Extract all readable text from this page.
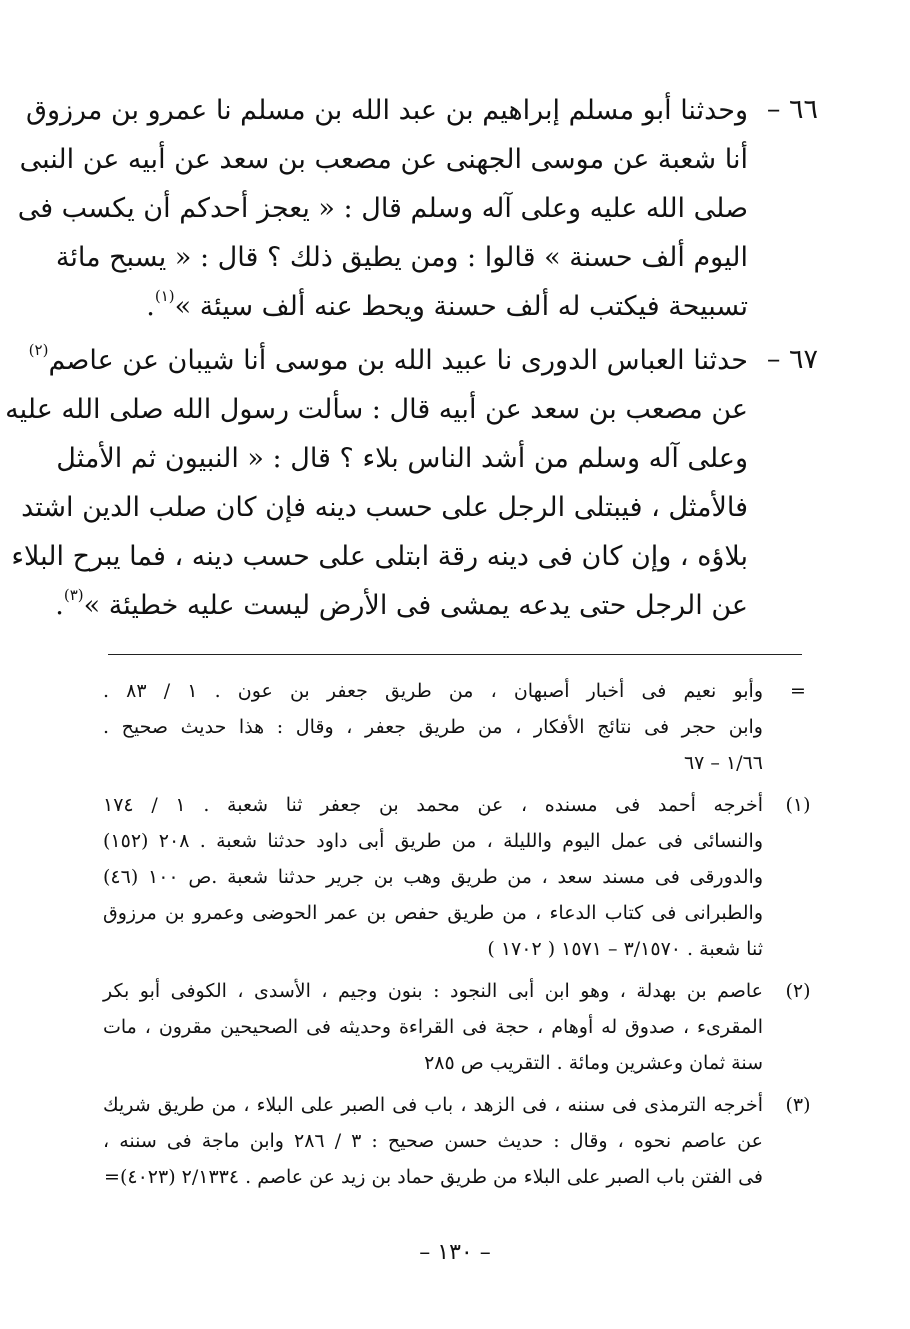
٦٦ –
وحدثنا أبو مسلم إبراهيم بن عبد الله بن مسلم نا عمرو بن مرزوق
أنا شعبة عن موسى الجهنى عن مصعب بن سعد عن أبيه عن النبى
صلى الله عليه وعلى آله وسلم قال : « يعجز أحدكم أن يكسب فى
اليوم ألف حسنة » قالوا : ومن يطيق ذلك ؟ قال : « يسبح مائة
تسبيحة فيكتب له ألف حسنة ويحط عنه ألف سيئة »$^{(١)}$.
٦٧ –
حدثنا العباس الدورى نا عبيد الله بن موسى أنا شيبان عن عاصم$^{(٢)}$
عن مصعب بن سعد عن أبيه قال : سألت رسول الله صلى الله عليه
وعلى آله وسلم من أشد الناس بلاء ؟ قال : « النبيون ثم الأمثل
فالأمثل ، فيبتلى الرجل على حسب دينه فإن كان صلب الدين اشتد
بلاؤه ، وإن كان فى دينه رقة ابتلى على حسب دينه ، فما يبرح البلاء
عن الرجل حتى يدعه يمشى فى الأرض ليست عليه خطيئة »$^{(٣)}$.
=
وأبو نعيم فى أخبار أصبهان ، من طريق جعفر بن عون . ١ / ٨٣ .
وابن حجر فى نتائج الأفكار ، من طريق جعفر ، وقال : هذا حديث صحيح .
١/٦٦ – ٦٧
(١)
أخرجه أحمد فى مسنده ، عن محمد بن جعفر ثنا شعبة . ١ / ١٧٤
والنسائى فى عمل اليوم والليلة ، من طريق أبى داود حدثنا شعبة . ٢٠٨ (١٥٢)
والدورقى فى مسند سعد ، من طريق وهب بن جرير حدثنا شعبة .ص ١٠٠ (٤٦)
والطبرانى فى كتاب الدعاء ، من طريق حفص بن عمر الحوضى وعمرو بن مرزوق
ثنا شعبة . ٣/١٥٧٠ – ١٥٧١ ( ١٧٠٢ )
(٢)
عاصم بن بهدلة ، وهو ابن أبى النجود : بنون وجيم ، الأسدى ، الكوفى أبو بكر
المقرىء ، صدوق له أوهام ، حجة فى القراءة وحديثه فى الصحيحين مقرون ، مات
سنة ثمان وعشرين ومائة . التقريب ص ٢٨٥
(٣)
أخرجه الترمذى فى سننه ، فى الزهد ، باب فى الصبر على البلاء ، من طريق شريك
عن عاصم نحوه ، وقال : حديث حسن صحيح : ٣ / ٢٨٦ وابن ماجة فى سننه ،
فى الفتن باب الصبر على البلاء من طريق حماد بن زيد عن عاصم . ٢/١٣٣٤ (٤٠٢٣)=
– ١٣٠ –
